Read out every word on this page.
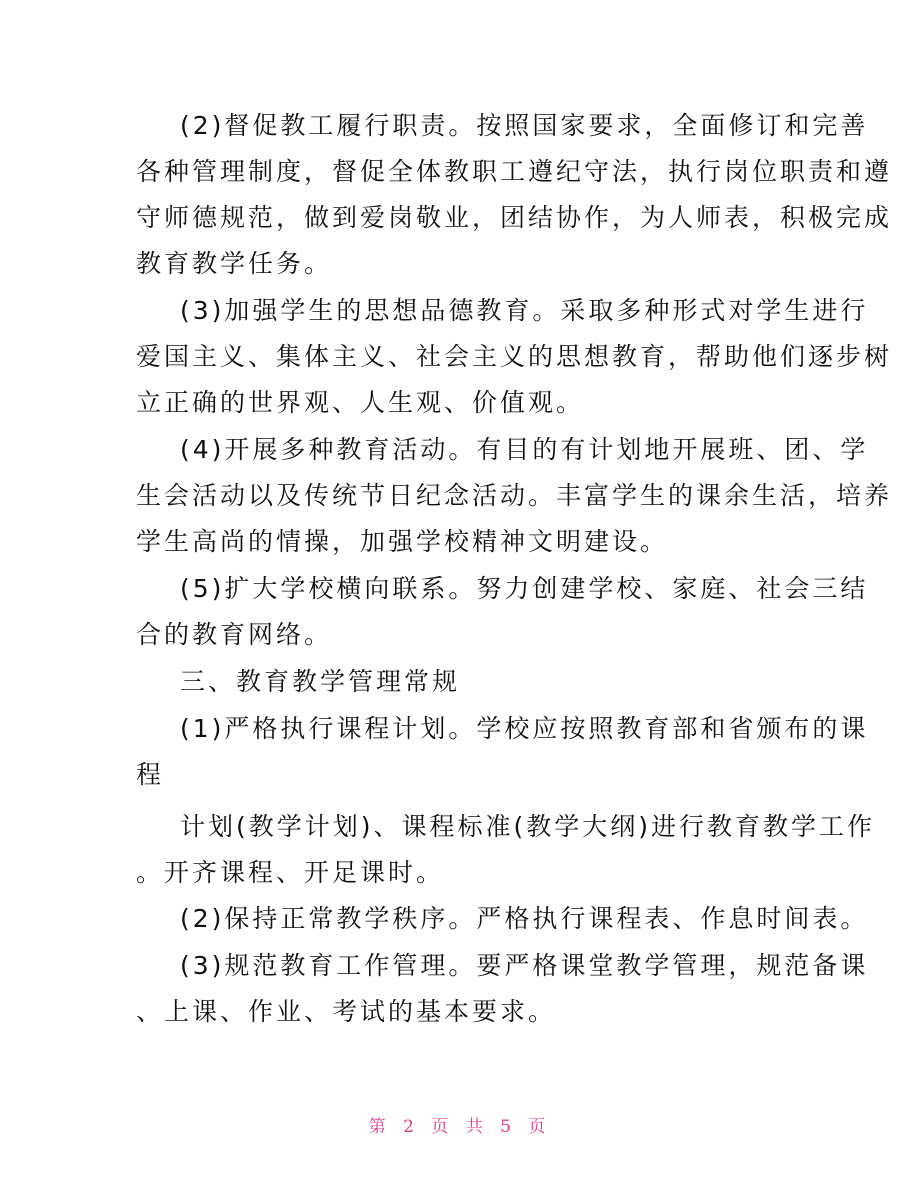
(2)督促教工履行职责。按照国家要求，全面修订和完善
各种管理制度，督促全体教职工遵纪守法，执行岗位职责和遵
守师德规范，做到爱岗敬业，团结协作，为人师表，积极完成
教育教学任务。
(3)加强学生的思想品德教育。采取多种形式对学生进行
爱国主义、集体主义、社会主义的思想教育，帮助他们逐步树
立正确的世界观、人生观、价值观。
(4)开展多种教育活动。有目的有计划地开展班、团、学
生会活动以及传统节日纪念活动。丰富学生的课余生活，培养
学生高尚的情操，加强学校精神文明建设。
(5)扩大学校横向联系。努力创建学校、家庭、社会三结
合的教育网络。
三、教育教学管理常规
(1)严格执行课程计划。学校应按照教育部和省颁布的课
程
计划(教学计划)、课程标准(教学大纲)进行教育教学工作
。开齐课程、开足课时。
(2)保持正常教学秩序。严格执行课程表、作息时间表。
(3)规范教育工作管理。要严格课堂教学管理，规范备课
、上课、作业、考试的基本要求。
第 2 页 共 5 页
